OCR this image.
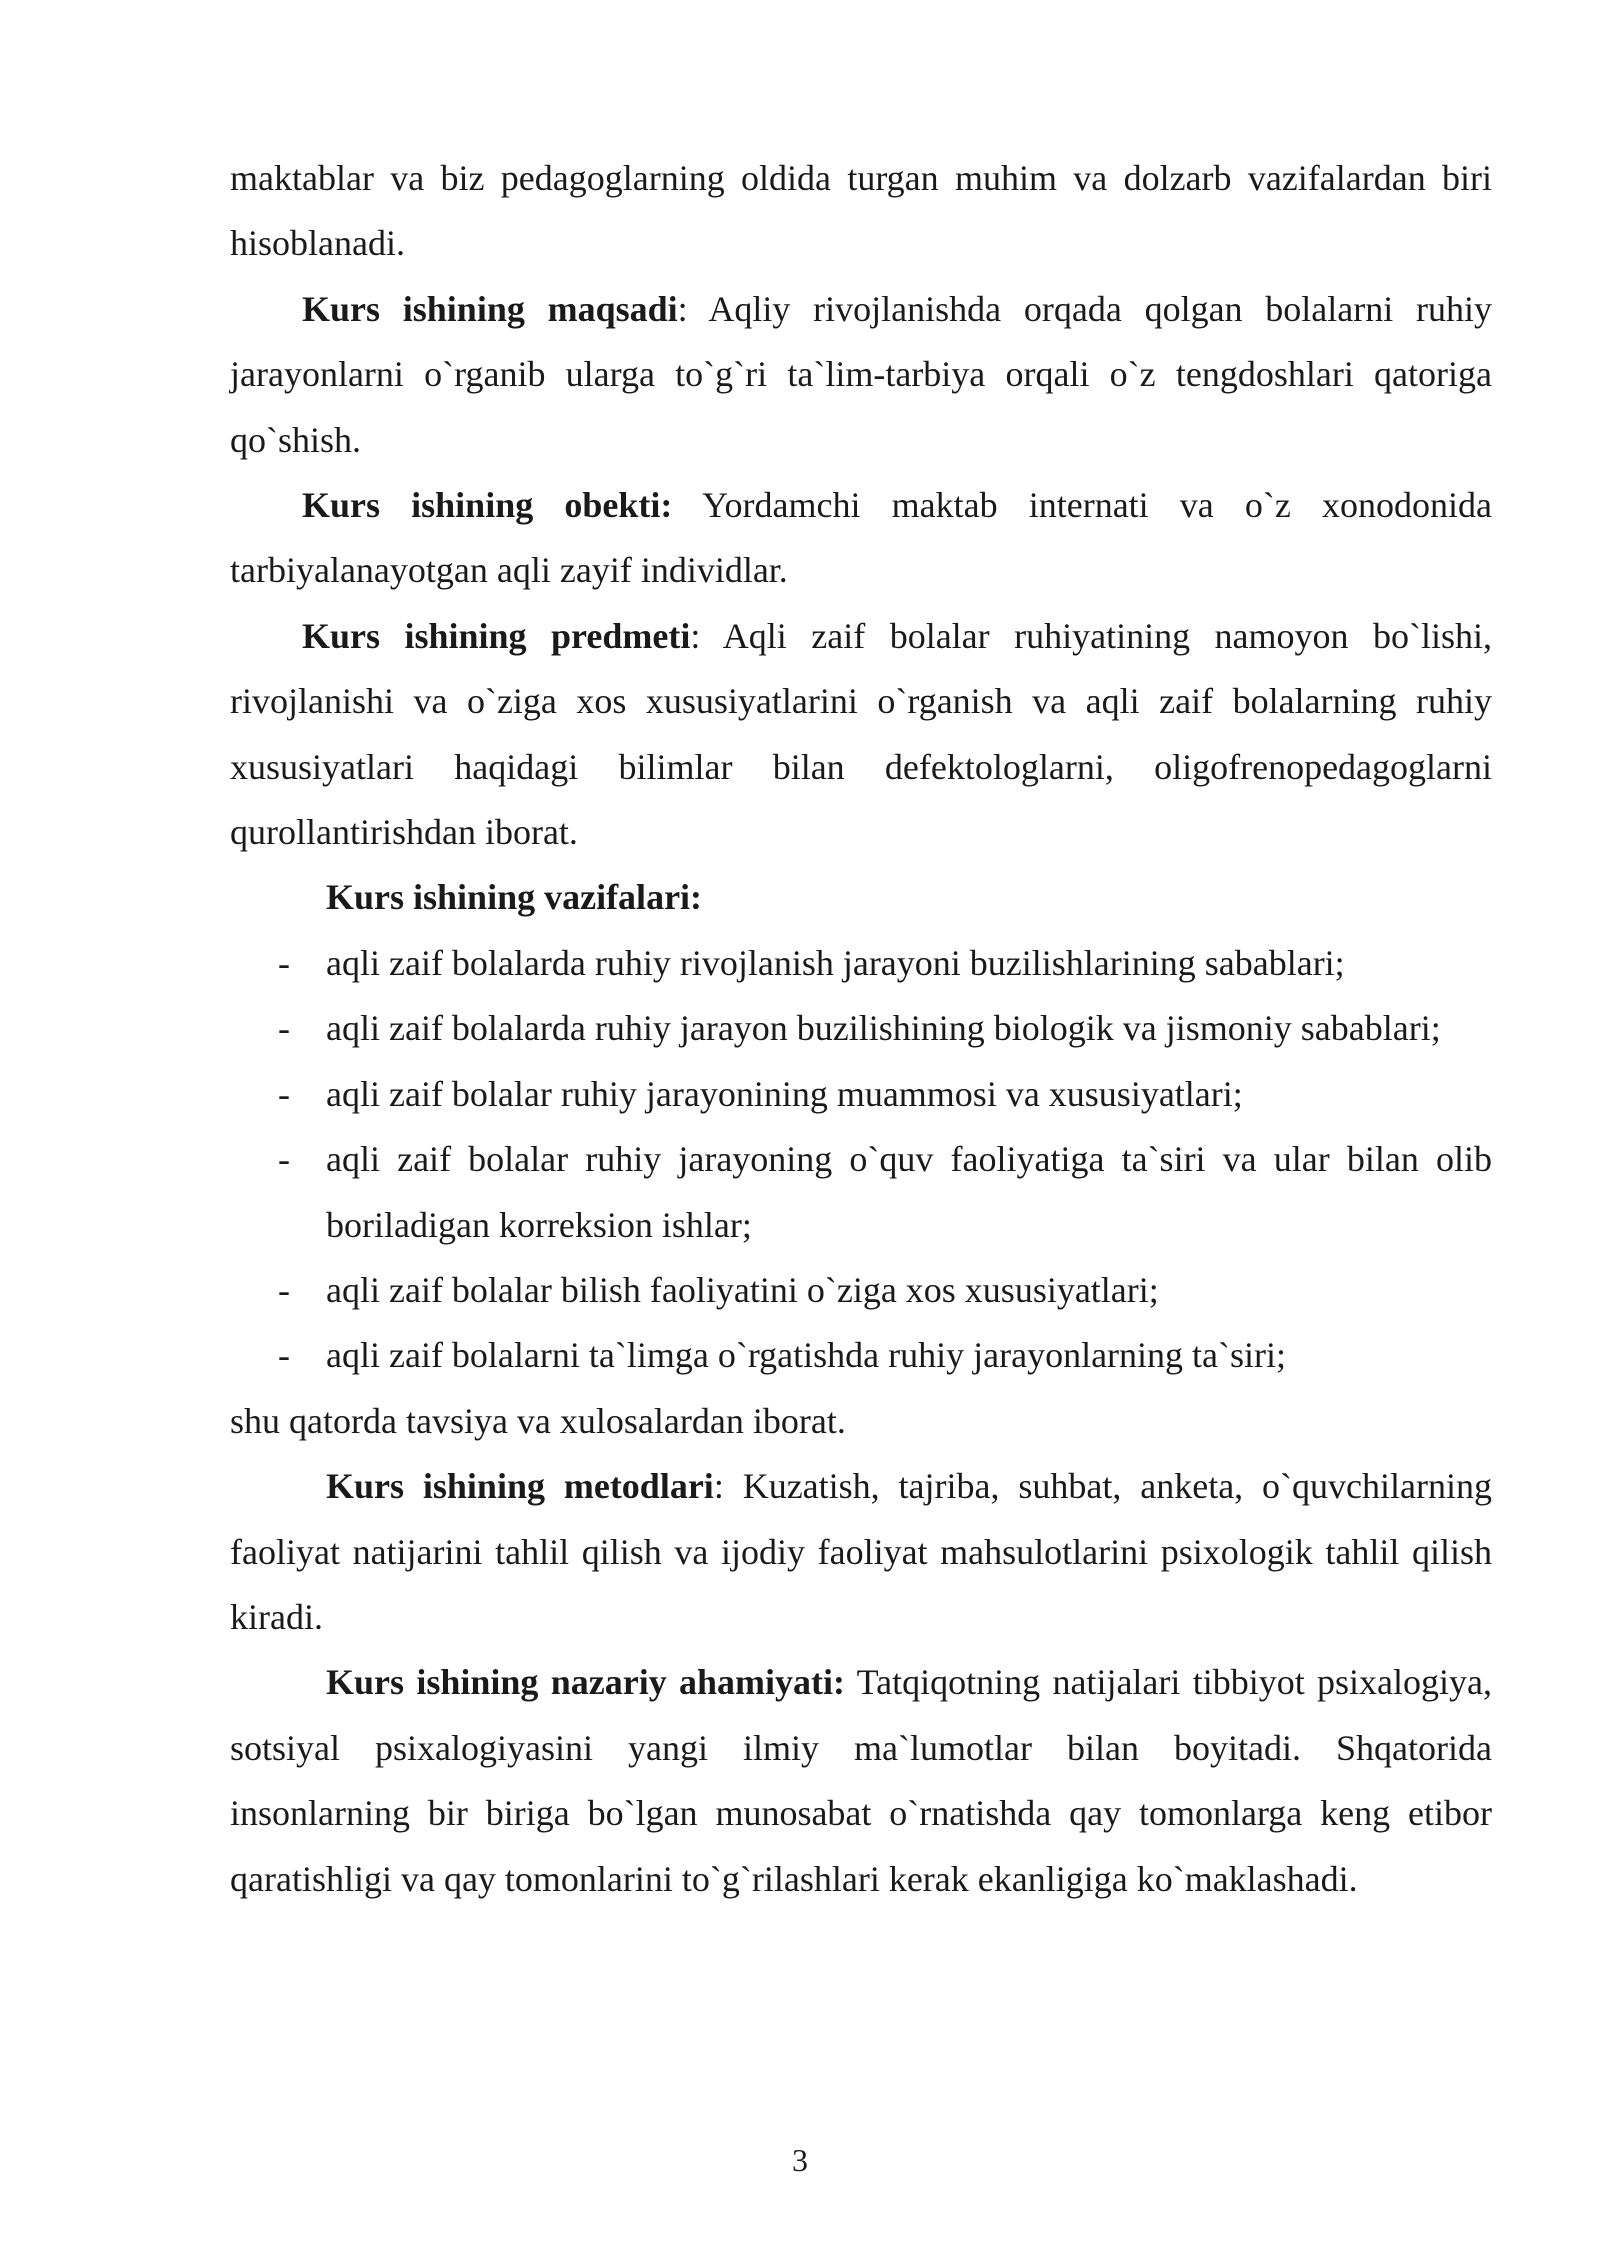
maktablar va biz pedagoglarning oldida turgan muhim va dolzarb vazifalardan biri hisoblanadi.

Kurs ishining maqsadi: Aqliy rivojlanishda orqada qolgan bolalarni ruhiy jarayonlarni o`rganib ularga to`g`ri ta`lim-tarbiya orqali o`z tengdoshlari qatoriga qo`shish.

Kurs ishining obekti: Yordamchi maktab internati va o`z xonodonida tarbiyalanayotgan aqli zayif individlar.

Kurs ishining predmeti: Aqli zaif bolalar ruhiyatining namoyon bo`lishi, rivojlanishi va o`ziga xos xususiyatlarini o`rganish va aqli zaif bolalarning ruhiy xususiyatlari haqidagi bilimlar bilan defektologlarni, oligofrenopedagoglarni qurollantirishdan iborat.

Kurs ishining vazifalari:

- aqli zaif bolalarda ruhiy rivojlanish jarayoni buzilishlarining sabablari;
- aqli zaif bolalarda ruhiy jarayon buzilishining biologik va jismoniy sabablari;
- aqli zaif bolalar ruhiy jarayonining muammosi va xususiyatlari;
- aqli zaif bolalar ruhiy jarayoning o`quv faoliyatiga ta`siri va ular bilan olib boriladigan korreksion ishlar;
- aqli zaif bolalar bilish faoliyatini o`ziga xos xususiyatlari;
- aqli zaif bolalarni ta`limga o`rgatishda ruhiy jarayonlarning ta`siri;

shu qatorda tavsiya va xulosalardan iborat.

Kurs ishining metodlari: Kuzatish, tajriba, suhbat, anketa, o`quvchilarning faoliyat natijarini tahlil qilish va ijodiy faoliyat mahsulotlarini psixologik tahlil qilish kiradi.

Kurs ishining nazariy ahamiyati: Tatqiqotning natijalari tibbiyot psixalogiya, sotsiyal psixalogiyasini yangi ilmiy ma`lumotlar bilan boyitadi. Shqatorida insonlarning bir biriga bo`lgan munosabat o`rnatishda qay tomonlarga keng etibor qaratishligi va qay tomonlarini to`g`rilashlari kerak ekanligiga ko`maklashadi.

3
